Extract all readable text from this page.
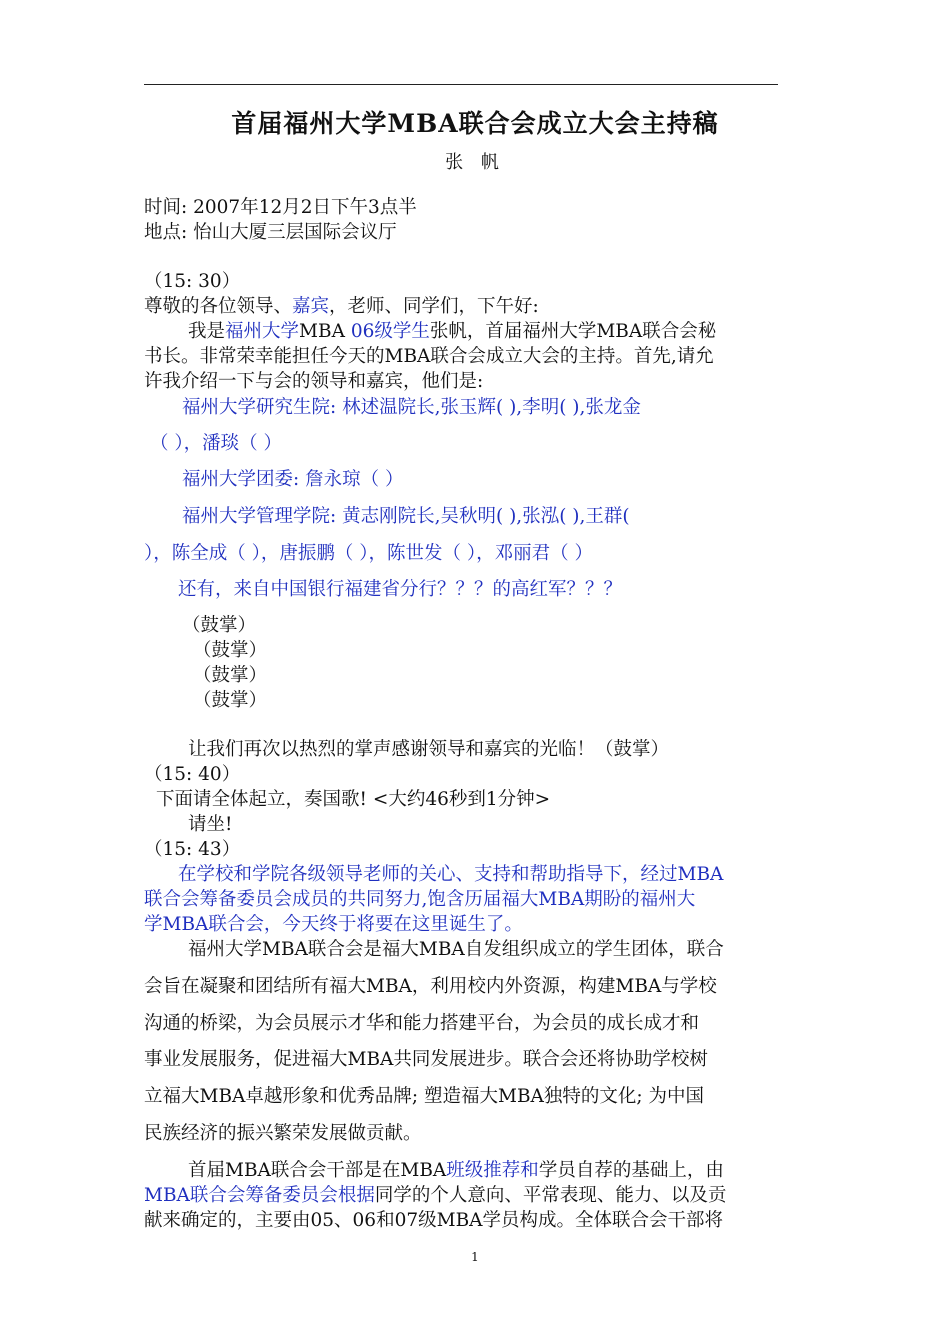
首届福州大学MBA联合会成立大会主持稿
张 帆
时间: 2007年12月2日下午3点半
地点: 怡山大厦三层国际会议厅
（15: 30）
尊敬的各位领导、嘉宾，老师、同学们，下午好:
我是福州大学MBA 06级学生张帆，首届福州大学MBA联合会秘
书长。非常荣幸能担任今天的MBA联合会成立大会的主持。首先,请允
许我介绍一下与会的领导和嘉宾，他们是:
福州大学研究生院: 林述温院长,张玉辉( ),李明( ),张龙金
（ ），潘琰（ ）
福州大学团委: 詹永琼（ ）
福州大学管理学院: 黄志刚院长,吴秋明( ),张泓( ),王群(
），陈全成（ ），唐振鹏（ ），陈世发（ ），邓丽君（ ）
还有，来自中国银行福建省分行？？？的高红军？？？
（鼓掌）
（鼓掌）
（鼓掌）
（鼓掌）
让我们再次以热烈的掌声感谢领导和嘉宾的光临！（鼓掌）
（15: 40）
下面请全体起立，奏国歌! <大约46秒到1分钟>
请坐!
（15: 43）
在学校和学院各级领导老师的关心、支持和帮助指导下，经过MBA
联合会筹备委员会成员的共同努力,饱含历届福大MBA期盼的福州大
学MBA联合会，今天终于将要在这里诞生了。
福州大学MBA联合会是福大MBA自发组织成立的学生团体，联合
会旨在凝聚和团结所有福大MBA，利用校内外资源，构建MBA与学校
沟通的桥梁，为会员展示才华和能力搭建平台，为会员的成长成才和
事业发展服务，促进福大MBA共同发展进步。联合会还将协助学校树
立福大MBA卓越形象和优秀品牌; 塑造福大MBA独特的文化; 为中国
民族经济的振兴繁荣发展做贡献。
首届MBA联合会干部是在MBA班级推荐和学员自荐的基础上，由
MBA联合会筹备委员会根据同学的个人意向、平常表现、能力、以及贡
献来确定的，主要由05、06和07级MBA学员构成。全体联合会干部将
1
